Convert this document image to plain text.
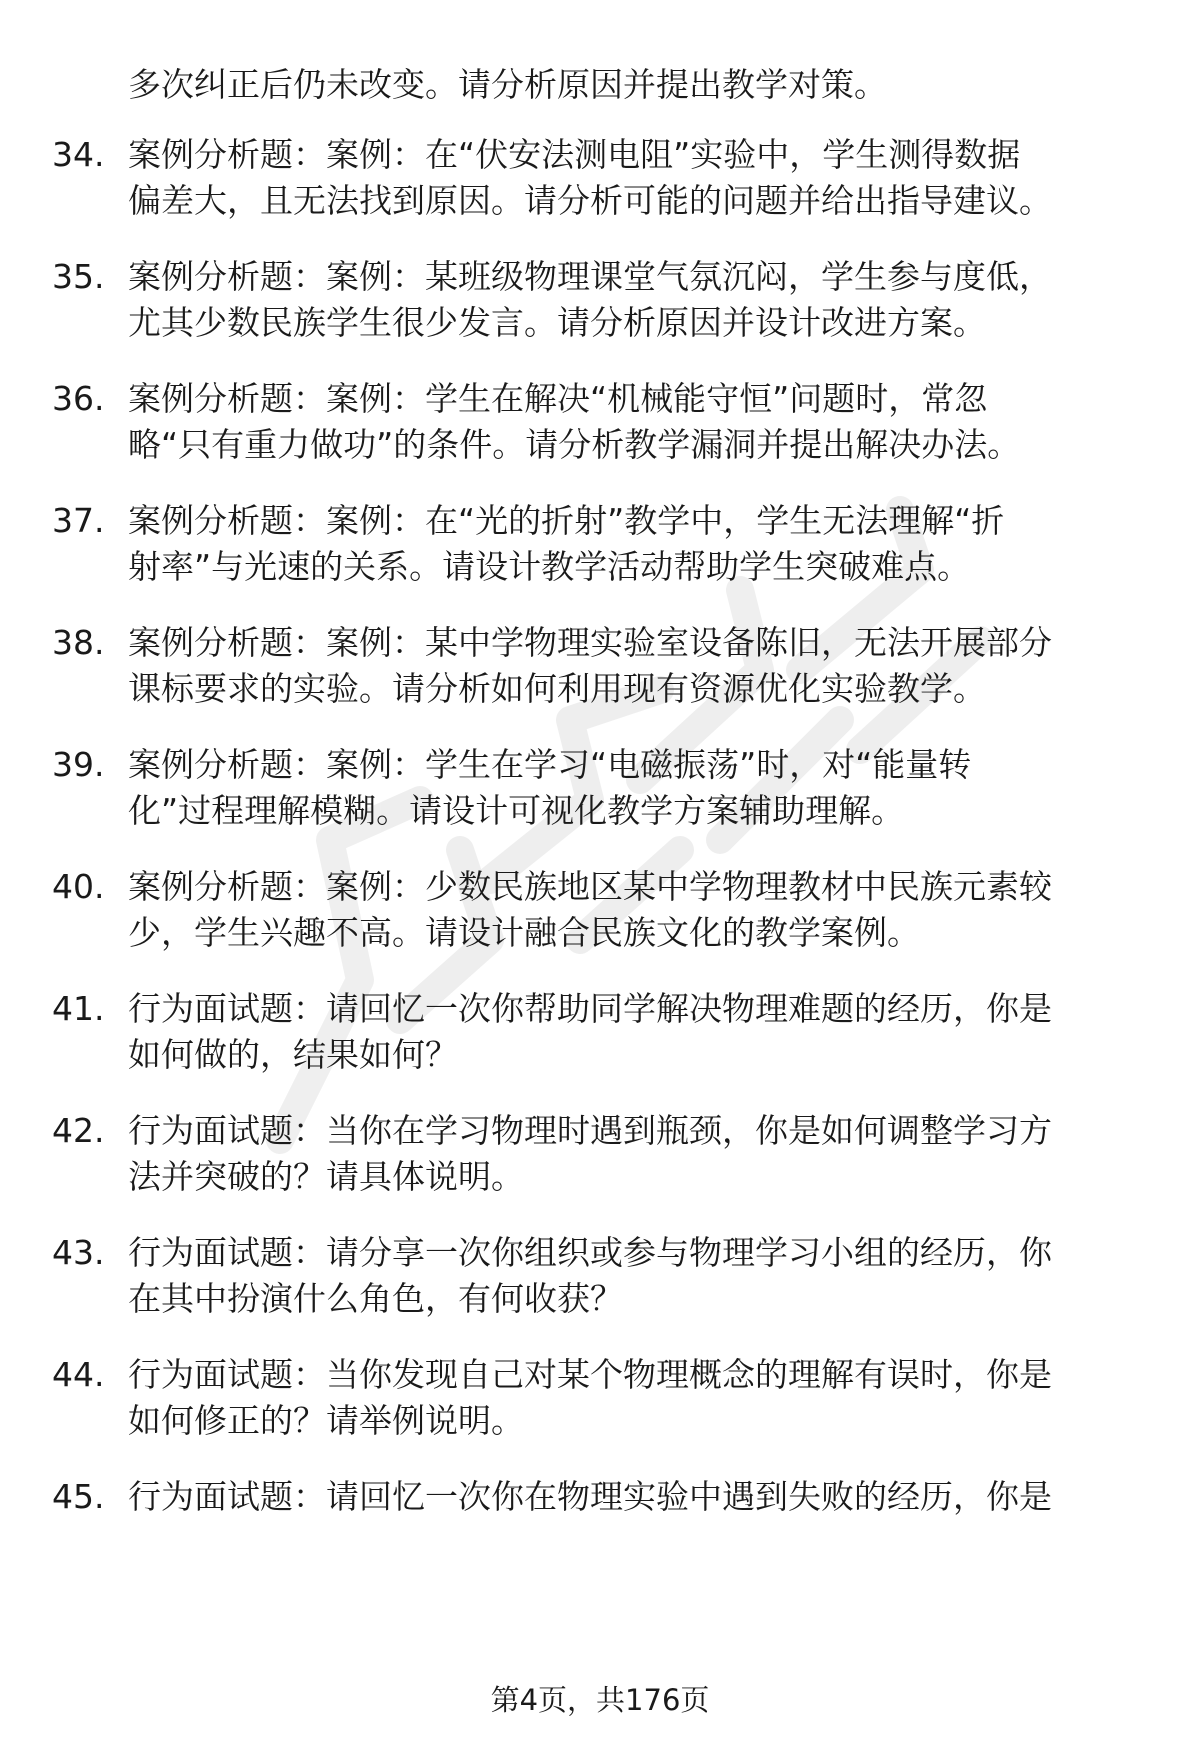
多次纠正后仍未改变。请分析原因并提出教学对策。
34. 案例分析题：案例：在“伏安法测电阻”实验中，学生测得数据
偏差大，且无法找到原因。请分析可能的问题并给出指导建议。
35. 案例分析题：案例：某班级物理课堂气氛沉闷，学生参与度低，
尤其少数民族学生很少发言。请分析原因并设计改进方案。
36. 案例分析题：案例：学生在解决“机械能守恒”问题时，常忽
略“只有重力做功”的条件。请分析教学漏洞并提出解决办法。
37. 案例分析题：案例：在“光的折射”教学中，学生无法理解“折
射率”与光速的关系。请设计教学活动帮助学生突破难点。
38. 案例分析题：案例：某中学物理实验室设备陈旧，无法开展部分
课标要求的实验。请分析如何利用现有资源优化实验教学。
39. 案例分析题：案例：学生在学习“电磁振荡”时，对“能量转
化”过程理解模糊。请设计可视化教学方案辅助理解。
40. 案例分析题：案例：少数民族地区某中学物理教材中民族元素较
少，学生兴趣不高。请设计融合民族文化的教学案例。
41. 行为面试题：请回忆一次你帮助同学解决物理难题的经历，你是
如何做的，结果如何？
42. 行为面试题：当你在学习物理时遇到瓶颈，你是如何调整学习方
法并突破的？请具体说明。
43. 行为面试题：请分享一次你组织或参与物理学习小组的经历，你
在其中扮演什么角色，有何收获？
44. 行为面试题：当你发现自己对某个物理概念的理解有误时，你是
如何修正的？请举例说明。
45. 行为面试题：请回忆一次你在物理实验中遇到失败的经历，你是
第4页，共176页
